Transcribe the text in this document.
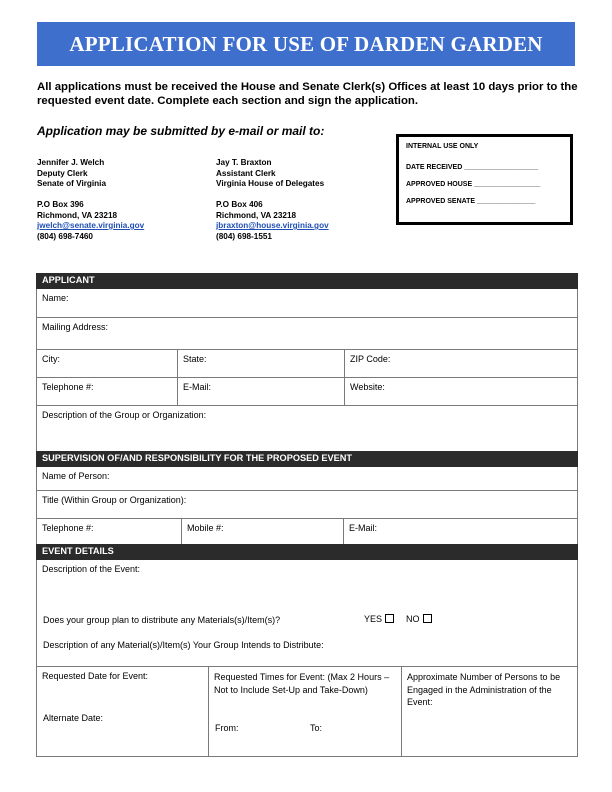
APPLICATION FOR USE OF DARDEN GARDEN
All applications must be received the House and Senate Clerk(s) Offices at least 10 days prior to the requested event date. Complete each section and sign the application.
Application may be submitted by e-mail or mail to:
Jennifer J. Welch
Deputy Clerk
Senate of Virginia
P.O Box 396
Richmond, VA 23218
jwelch@senate.virginia.gov
(804) 698-7460
Jay T. Braxton
Assistant Clerk
Virginia House of Delegates
P.O Box 406
Richmond, VA 23218
jbraxton@house.virginia.gov
(804) 698-1551
INTERNAL USE ONLY
DATE RECEIVED ___________________
APPROVED HOUSE _________________
APPROVED SENATE _______________
APPLICANT		
Name:		
Mailing Address:		
City:	State:	ZIP Code:
Telephone #:	E-Mail:	Website:
Description of the Group or Organization:		
SUPERVISION OF/AND RESPONSIBILITY FOR THE PROPOSED EVENT
Name of Person:
Title (Within Group or Organization):
Telephone #:	Mobile #:	E-Mail:
EVENT DETAILS

Description of the Event:
Does your group plan to distribute any Materials(s)/Item(s)?	YES	NO
Description of any Material(s)/Item(s) Your Group Intends to Distribute:

Requested Date for Event:
Alternate Date:

Requested Times for Event: (Max 2 Hours – Not to Include Set-Up and Take-Down)
From:	To:

Approximate Number of Persons to be Engaged in the Administration of the Event:
